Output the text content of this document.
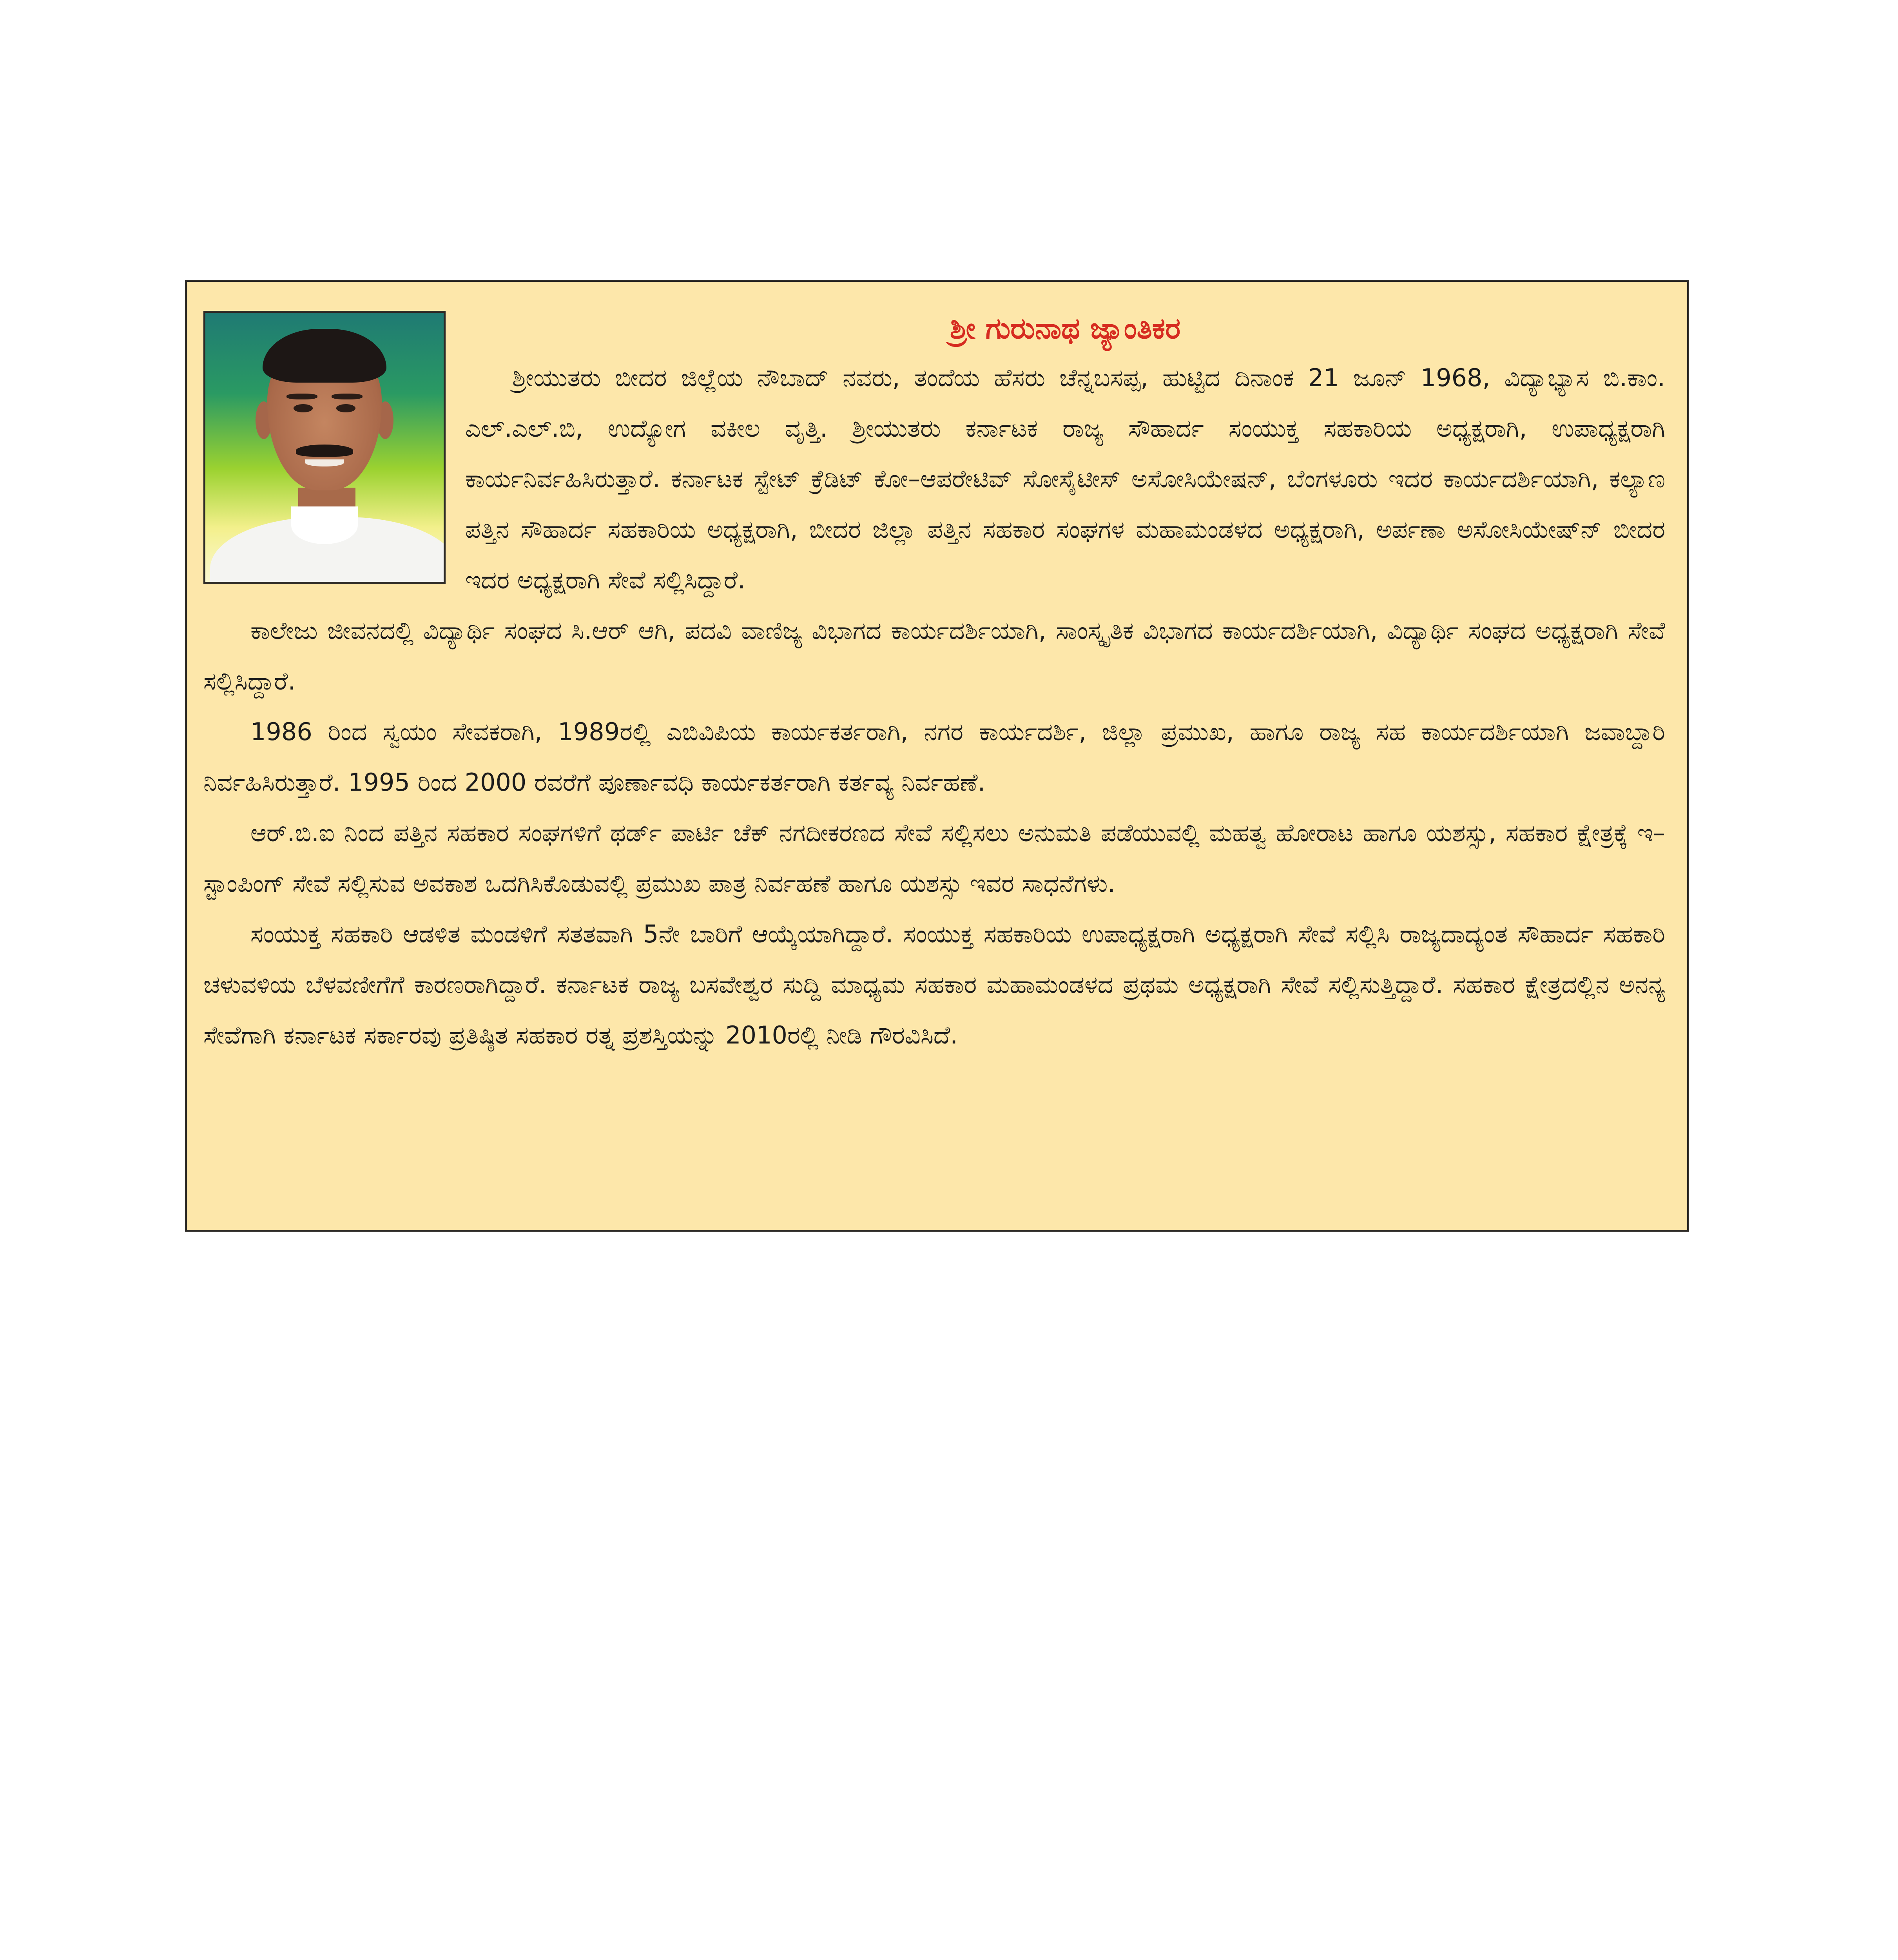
ಶ್ರೀ ಗುರುನಾಥ ಜ್ಯಾಂತಿಕರ

ಶ್ರೀಯುತರು ಬೀದರ ಜಿಲ್ಲೆಯ ನೌಬಾದ್ ನವರು, ತಂದೆಯ ಹೆಸರು ಚೆನ್ನಬಸಪ್ಪ, ಹುಟ್ಟಿದ ದಿನಾಂಕ 21 ಜೂನ್ 1968, ವಿದ್ಯಾಭ್ಯಾಸ ಬಿ.ಕಾಂ. ಎಲ್.ಎಲ್.ಬಿ, ಉದ್ಯೋಗ ವಕೀಲ ವೃತ್ತಿ. ಶ್ರೀಯುತರು ಕರ್ನಾಟಕ ರಾಜ್ಯ ಸೌಹಾರ್ದ ಸಂಯುಕ್ತ ಸಹಕಾರಿಯ ಅಧ್ಯಕ್ಷರಾಗಿ, ಉಪಾಧ್ಯಕ್ಷರಾಗಿ ಕಾರ್ಯನಿರ್ವಹಿಸಿರುತ್ತಾರೆ. ಕರ್ನಾಟಕ ಸ್ಟೇಟ್ ಕ್ರೆಡಿಟ್ ಕೋ–ಆಪರೇಟಿವ್ ಸೋಸೈಟೀಸ್ ಅಸೋಸಿಯೇಷನ್, ಬೆಂಗಳೂರು ಇದರ ಕಾರ್ಯದರ್ಶಿಯಾಗಿ, ಕಲ್ಯಾಣ ಪತ್ತಿನ ಸೌಹಾರ್ದ ಸಹಕಾರಿಯ ಅಧ್ಯಕ್ಷರಾಗಿ, ಬೀದರ ಜಿಲ್ಲಾ ಪತ್ತಿನ ಸಹಕಾರ ಸಂಘಗಳ ಮಹಾಮಂಡಳದ ಅಧ್ಯಕ್ಷರಾಗಿ, ಅರ್ಪಣಾ ಅಸೋಸಿಯೇಷ್‌ನ್ ಬೀದರ ಇದರ ಅಧ್ಯಕ್ಷರಾಗಿ ಸೇವೆ ಸಲ್ಲಿಸಿದ್ದಾರೆ.

ಕಾಲೇಜು ಜೀವನದಲ್ಲಿ ವಿದ್ಯಾರ್ಥಿ ಸಂಘದ ಸಿ.ಆರ್ ಆಗಿ, ಪದವಿ ವಾಣಿಜ್ಯ ವಿಭಾಗದ ಕಾರ್ಯದರ್ಶಿಯಾಗಿ, ಸಾಂಸ್ಕೃತಿಕ ವಿಭಾಗದ ಕಾರ್ಯದರ್ಶಿಯಾಗಿ, ವಿದ್ಯಾರ್ಥಿ ಸಂಘದ ಅಧ್ಯಕ್ಷರಾಗಿ ಸೇವೆ ಸಲ್ಲಿಸಿದ್ದಾರೆ.

1986 ರಿಂದ ಸ್ವಯಂ ಸೇವಕರಾಗಿ, 1989ರಲ್ಲಿ ಎಬಿವಿಪಿಯ ಕಾರ್ಯಕರ್ತರಾಗಿ, ನಗರ ಕಾರ್ಯದರ್ಶಿ, ಜಿಲ್ಲಾ ಪ್ರಮುಖ, ಹಾಗೂ ರಾಜ್ಯ ಸಹ ಕಾರ್ಯದರ್ಶಿಯಾಗಿ ಜವಾಬ್ದಾರಿ ನಿರ್ವಹಿಸಿರುತ್ತಾರೆ. 1995 ರಿಂದ 2000 ರವರೆಗೆ ಪೂರ್ಣಾವಧಿ ಕಾರ್ಯಕರ್ತರಾಗಿ ಕರ್ತವ್ಯ ನಿರ್ವಹಣೆ.

ಆರ್.ಬಿ.ಐ ನಿಂದ ಪತ್ತಿನ ಸಹಕಾರ ಸಂಘಗಳಿಗೆ ಥರ್ಡ್ ಪಾರ್ಟಿ ಚೆಕ್ ನಗದೀಕರಣದ ಸೇವೆ ಸಲ್ಲಿಸಲು ಅನುಮತಿ ಪಡೆಯುವಲ್ಲಿ ಮಹತ್ವ ಹೋರಾಟ ಹಾಗೂ ಯಶಸ್ಸು, ಸಹಕಾರ ಕ್ಷೇತ್ರಕ್ಕೆ ಇ–ಸ್ಟಾಂಪಿಂಗ್ ಸೇವೆ ಸಲ್ಲಿಸುವ ಅವಕಾಶ ಒದಗಿಸಿಕೊಡುವಲ್ಲಿ ಪ್ರಮುಖ ಪಾತ್ರ ನಿರ್ವಹಣೆ ಹಾಗೂ ಯಶಸ್ಸು ಇವರ ಸಾಧನೆಗಳು.

ಸಂಯುಕ್ತ ಸಹಕಾರಿ ಆಡಳಿತ ಮಂಡಳಿಗೆ ಸತತವಾಗಿ 5ನೇ ಬಾರಿಗೆ ಆಯ್ಕೆಯಾಗಿದ್ದಾರೆ. ಸಂಯುಕ್ತ ಸಹಕಾರಿಯ ಉಪಾಧ್ಯಕ್ಷರಾಗಿ ಅಧ್ಯಕ್ಷರಾಗಿ ಸೇವೆ ಸಲ್ಲಿಸಿ ರಾಜ್ಯದಾದ್ಯಂತ ಸೌಹಾರ್ದ ಸಹಕಾರಿ ಚಳುವಳಿಯ ಬೆಳವಣೀಗೆಗೆ ಕಾರಣರಾಗಿದ್ದಾರೆ. ಕರ್ನಾಟಕ ರಾಜ್ಯ ಬಸವೇಶ್ವರ ಸುದ್ದಿ ಮಾಧ್ಯಮ ಸಹಕಾರ ಮಹಾಮಂಡಳದ ಪ್ರಥಮ ಅಧ್ಯಕ್ಷರಾಗಿ ಸೇವೆ ಸಲ್ಲಿಸುತ್ತಿದ್ದಾರೆ. ಸಹಕಾರ ಕ್ಷೇತ್ರದಲ್ಲಿನ ಅನನ್ಯ ಸೇವೆಗಾಗಿ ಕರ್ನಾಟಕ ಸರ್ಕಾರವು ಪ್ರತಿಷ್ಠಿತ ಸಹಕಾರ ರತ್ನ ಪ್ರಶಸ್ತಿಯನ್ನು 2010ರಲ್ಲಿ ನೀಡಿ ಗೌರವಿಸಿದೆ.
